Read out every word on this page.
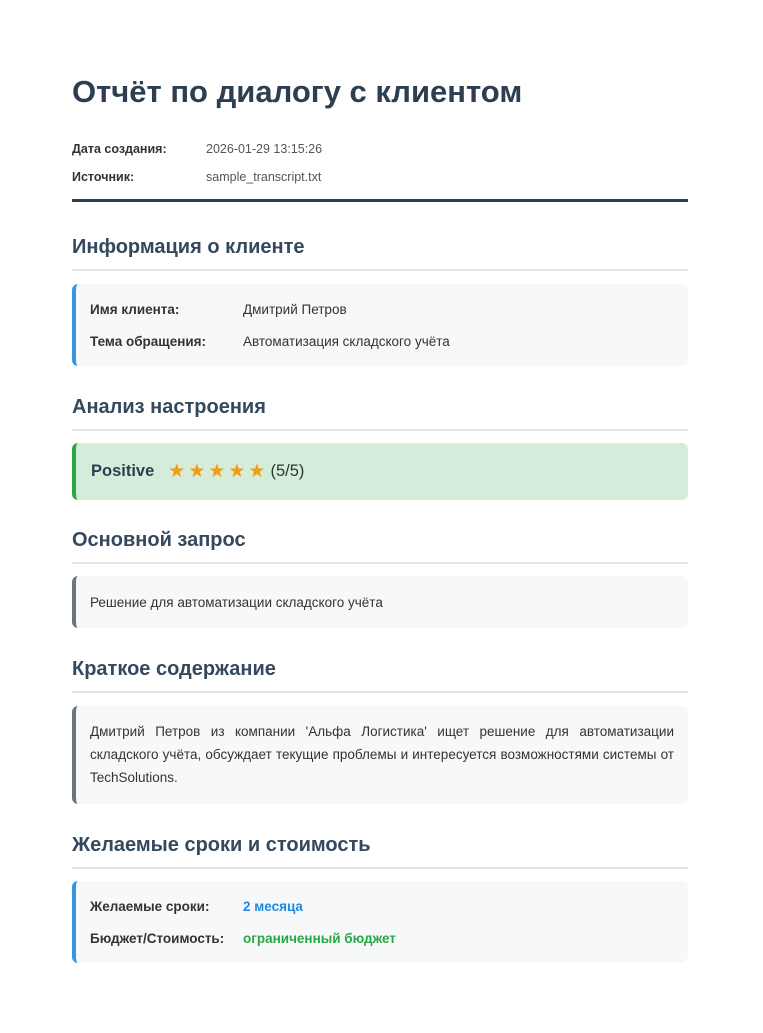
Отчёт по диалогу с клиентом
Дата создания:	2026-01-29 13:15:26
Источник:	sample_transcript.txt
Информация о клиенте
Имя клиента:	Дмитрий Петров
Тема обращения:	Автоматизация складского учёта
Анализ настроения
Positive ★★★★★ (5/5)
Основной запрос
Решение для автоматизации складского учёта
Краткое содержание
Дмитрий Петров из компании 'Альфа Логистика' ищет решение для автоматизации складского учёта, обсуждает текущие проблемы и интересуется возможностями системы от TechSolutions.
Желаемые сроки и стоимость
Желаемые сроки:	2 месяца
Бюджет/Стоимость:	ограниченный бюджет
